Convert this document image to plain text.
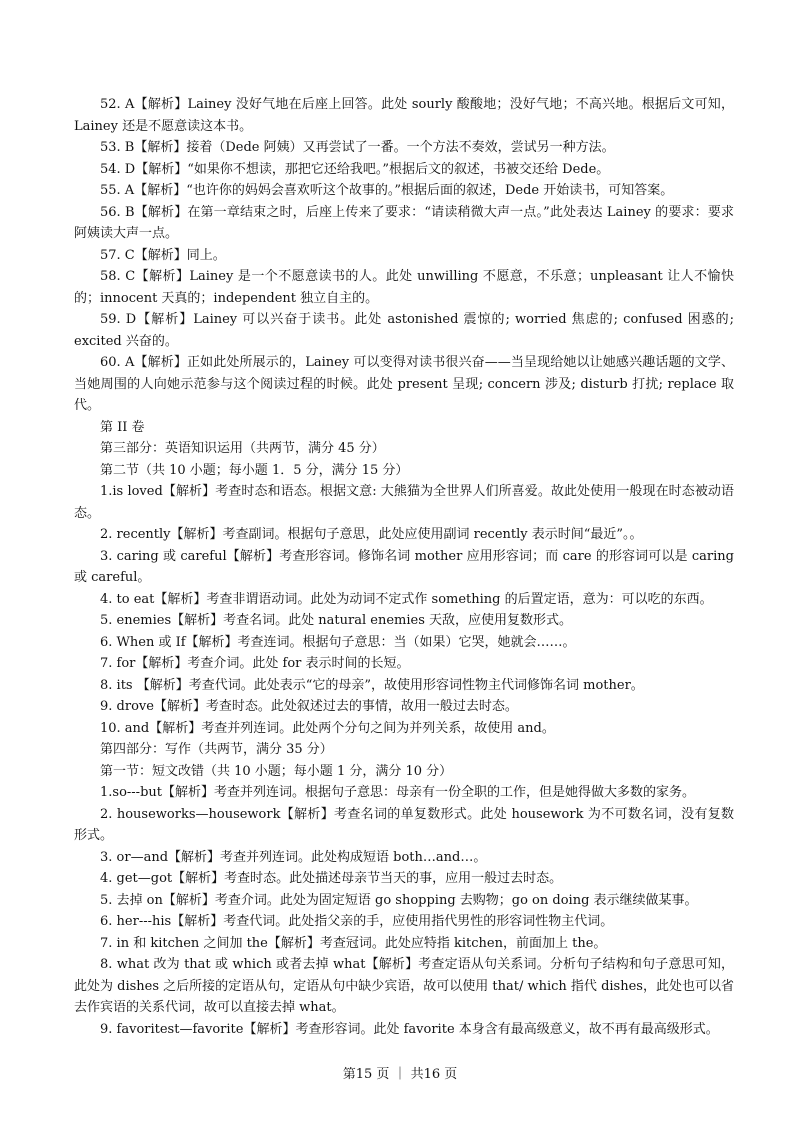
52. A【解析】Lainey 没好气地在后座上回答。此处 sourly 酸酸地；没好气地；不高兴地。根据后文可知，Lainey 还是不愿意读这本书。

53. B【解析】接着（Dede 阿姨）又再尝试了一番。一个方法不奏效，尝试另一种方法。

54. D【解析】“如果你不想读，那把它还给我吧。”根据后文的叙述，书被交还给 Dede。

55. A【解析】“也许你的妈妈会喜欢听这个故事的。”根据后面的叙述，Dede 开始读书，可知答案。

56. B【解析】在第一章结束之时，后座上传来了要求：“请读稍微大声一点。”此处表达 Lainey 的要求：要求阿姨读大声一点。

57. C【解析】同上。

58. C【解析】Lainey 是一个不愿意读书的人。此处 unwilling 不愿意，不乐意；unpleasant 让人不愉快的；innocent 天真的；independent 独立自主的。

59. D【解析】Lainey 可以兴奋于读书。此处 astonished 震惊的; worried 焦虑的; confused 困惑的; excited 兴奋的。

60. A【解析】正如此处所展示的，Lainey 可以变得对读书很兴奋——当呈现给她以让她感兴趣话题的文学、当她周围的人向她示范参与这个阅读过程的时候。此处 present 呈现; concern 涉及; disturb 打扰; replace 取代。

第 II 卷

第三部分：英语知识运用（共两节，满分 45 分）

第二节（共 10 小题；每小题 1．5 分，满分 15 分）

1.is loved【解析】考查时态和语态。根据文意: 大熊猫为全世界人们所喜爱。故此处使用一般现在时态被动语态。

2. recently【解析】考查副词。根据句子意思，此处应使用副词 recently 表示时间“最近”。。

3. caring 或 careful【解析】考查形容词。修饰名词 mother 应用形容词；而 care 的形容词可以是 caring 或 careful。

4. to eat【解析】考查非谓语动词。此处为动词不定式作 something 的后置定语，意为：可以吃的东西。

5. enemies【解析】考查名词。此处 natural enemies 天敌，应使用复数形式。

6. When 或 If【解析】考查连词。根据句子意思：当（如果）它哭，她就会……。

7. for【解析】考查介词。此处 for 表示时间的长短。

8. its 【解析】考查代词。此处表示“它的母亲”，故使用形容词性物主代词修饰名词 mother。

9. drove【解析】考查时态。此处叙述过去的事情，故用一般过去时态。

10. and【解析】考查并列连词。此处两个分句之间为并列关系，故使用 and。

第四部分：写作（共两节，满分 35 分）

第一节：短文改错（共 10 小题；每小题 1 分，满分 10 分）

1.so---but【解析】考查并列连词。根据句子意思：母亲有一份全职的工作，但是她得做大多数的家务。

2. houseworks—housework【解析】考查名词的单复数形式。此处 housework 为不可数名词，没有复数形式。

3. or—and【解析】考查并列连词。此处构成短语 both…and…。

4. get—got【解析】考查时态。此处描述母亲节当天的事，应用一般过去时态。

5. 去掉 on【解析】考查介词。此处为固定短语 go shopping 去购物；go on doing 表示继续做某事。

6. her---his【解析】考查代词。此处指父亲的手，应使用指代男性的形容词性物主代词。

7. in 和 kitchen 之间加 the【解析】考查冠词。此处应特指 kitchen，前面加上 the。

8. what 改为 that 或 which 或者去掉 what【解析】考查定语从句关系词。分析句子结构和句子意思可知，此处为 dishes 之后所接的定语从句，定语从句中缺少宾语，故可以使用 that/ which 指代 dishes，此处也可以省去作宾语的关系代词，故可以直接去掉 what。

9. favoritest—favorite【解析】考查形容词。此处 favorite 本身含有最高级意义，故不再有最高级形式。

第15 页 ｜ 共16 页
